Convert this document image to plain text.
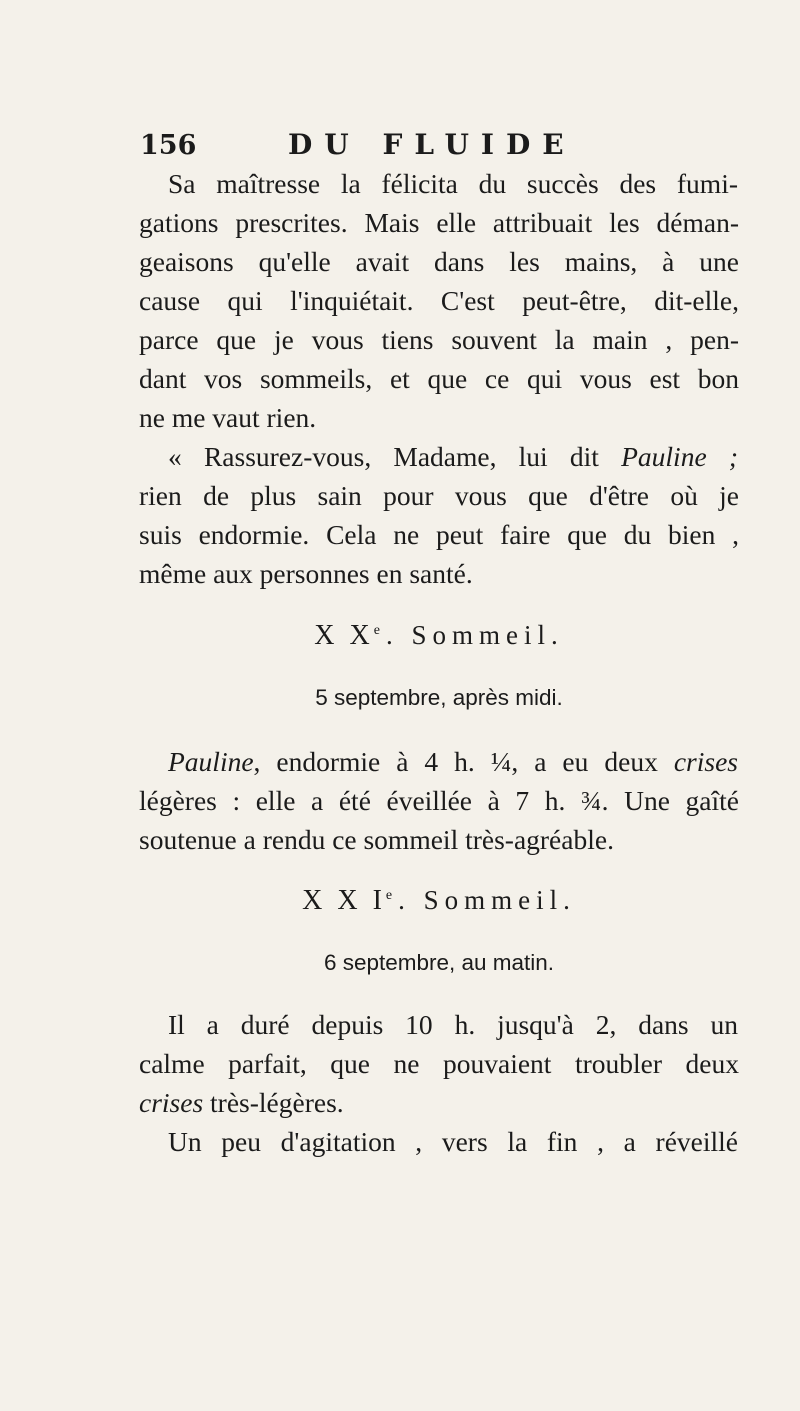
156	DU FLUIDE
Sa maîtresse la félicita du succès des fumi-
gations prescrites. Mais elle attribuait les déman-
geaisons qu'elle avait dans les mains, à une
cause qui l'inquiétait. C'est peut-être, dit-elle,
parce que je vous tiens souvent la main , pen-
dant vos sommeils, et que ce qui vous est bon
ne me vaut rien.
« Rassurez-vous, Madame, lui dit Pauline ;
rien de plus sain pour vous que d'être où je
suis endormie. Cela ne peut faire que du bien ,
même aux personnes en santé.
X Xe. Sommeil.
5 septembre, après midi.
Pauline, endormie à 4 h. ¼, a eu deux crises
légères : elle a été éveillée à 7 h. ¾. Une gaîté
soutenue a rendu ce sommeil très-agréable.
X X Ie. Sommeil.
6 septembre, au matin.
Il a duré depuis 10 h. jusqu'à 2, dans un
calme parfait, que ne pouvaient troubler deux
crises très-légères.
Un peu d'agitation , vers la fin , a réveillé
